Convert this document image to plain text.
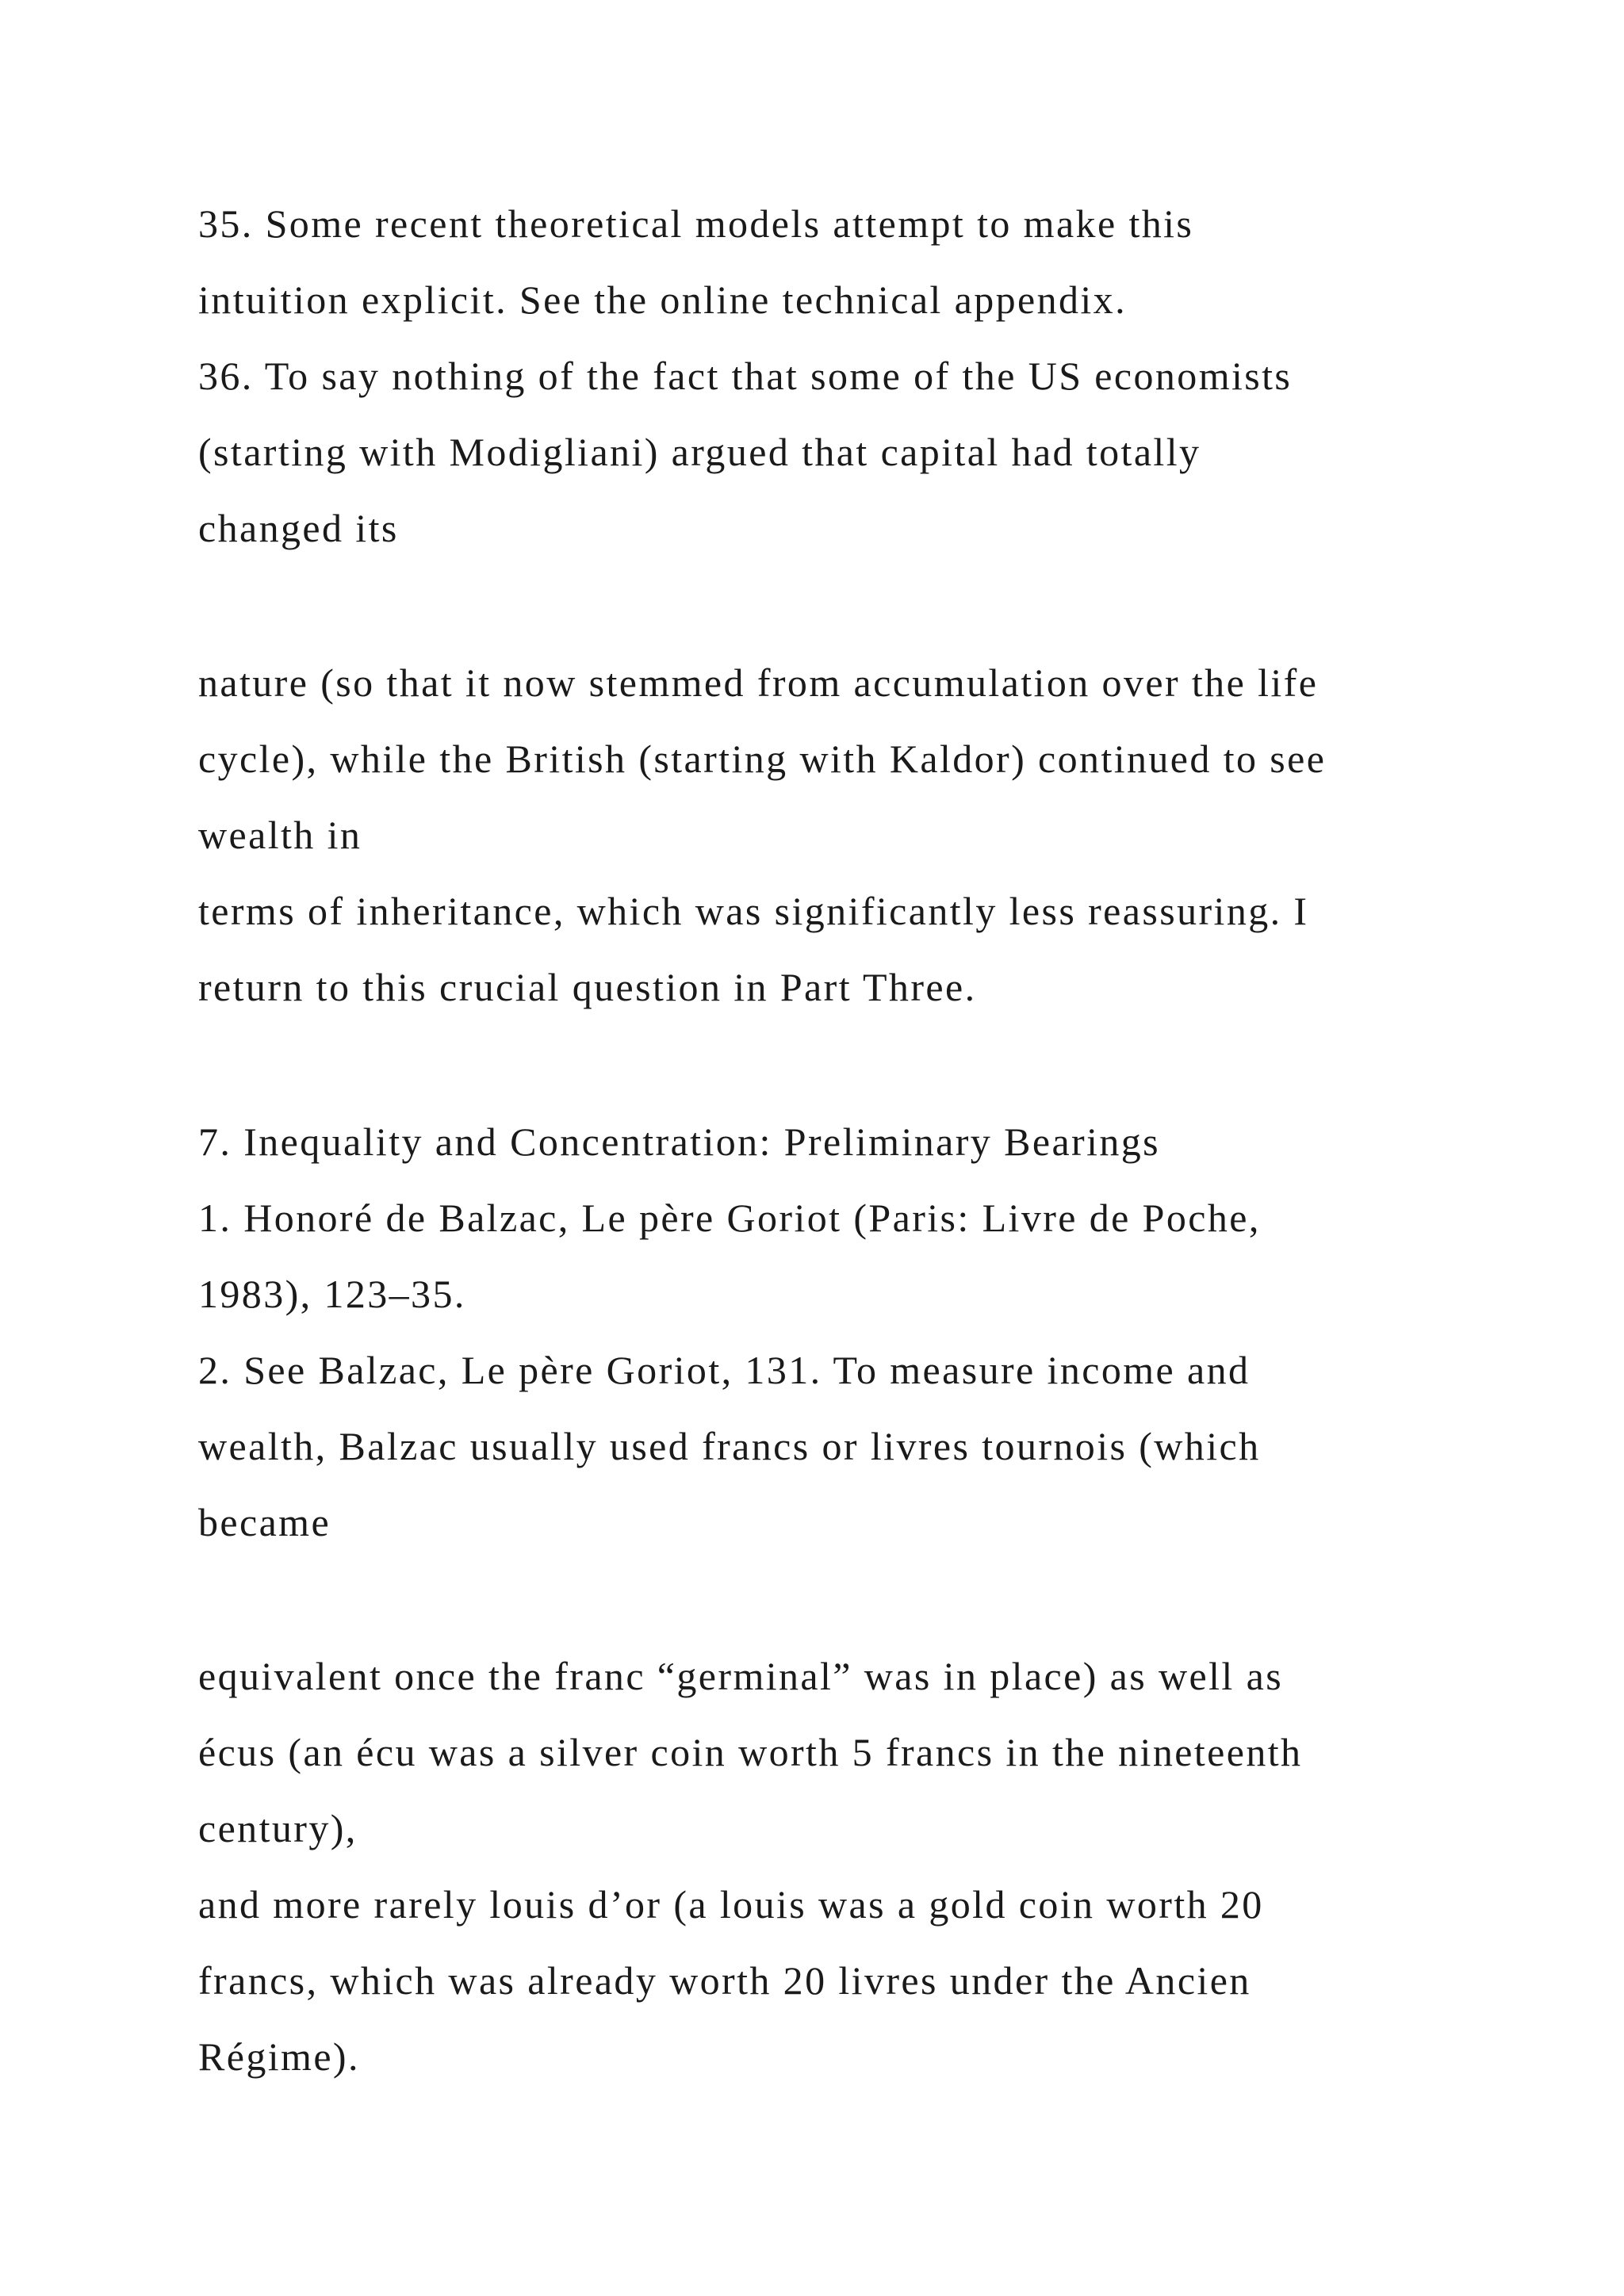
35. Some recent theoretical models attempt to make this

intuition explicit. See the online technical appendix.

36. To say nothing of the fact that some of the US economists

(starting with Modigliani) argued that capital had totally

changed its

nature (so that it now stemmed from accumulation over the life

cycle), while the British (starting with Kaldor) continued to see

wealth in

terms of inheritance, which was significantly less reassuring. I

return to this crucial question in Part Three.

7. Inequality and Concentration: Preliminary Bearings

1. Honoré de Balzac, Le père Goriot (Paris: Livre de Poche,

1983), 123–35.

2. See Balzac, Le père Goriot, 131. To measure income and

wealth, Balzac usually used francs or livres tournois (which

became

equivalent once the franc “germinal” was in place) as well as

écus (an écu was a silver coin worth 5 francs in the nineteenth

century),

and more rarely louis d’or (a louis was a gold coin worth 20

francs, which was already worth 20 livres under the Ancien

Régime).
